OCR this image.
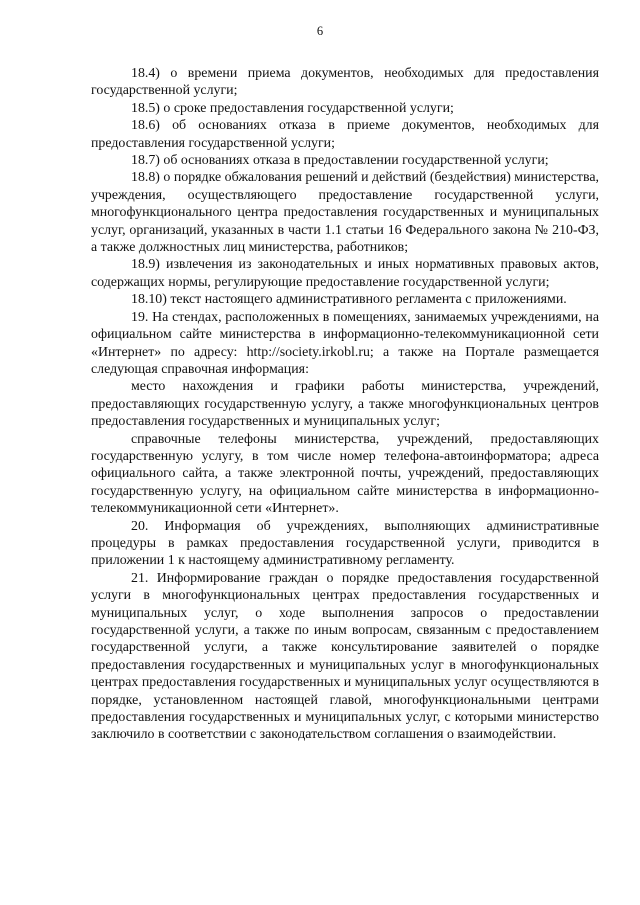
6

18.4) о времени приема документов, необходимых для предоставления государственной услуги;

18.5) о сроке предоставления государственной услуги;

18.6) об основаниях отказа в приеме документов, необходимых для предоставления государственной услуги;

18.7) об основаниях отказа в предоставлении государственной услуги;

18.8) о порядке обжалования решений и действий (бездействия) министерства, учреждения, осуществляющего предоставление государственной услуги, многофункционального центра предоставления государственных и муниципальных услуг, организаций, указанных в части 1.1 статьи 16 Федерального закона № 210-ФЗ, а также должностных лиц министерства, работников;

18.9) извлечения из законодательных и иных нормативных правовых актов, содержащих нормы, регулирующие предоставление государственной услуги;

18.10) текст настоящего административного регламента с приложениями.

19. На стендах, расположенных в помещениях, занимаемых учреждениями, на официальном сайте министерства в информационно-телекоммуникационной сети «Интернет» по адресу: http://society.irkobl.ru; а также на Портале размещается следующая справочная информация:

место нахождения и графики работы министерства, учреждений, предоставляющих государственную услугу, а также многофункциональных центров предоставления государственных и муниципальных услуг;

справочные телефоны министерства, учреждений, предоставляющих государственную услугу, в том числе номер телефона-автоинформатора; адреса официального сайта, а также электронной почты, учреждений, предоставляющих государственную услугу, на официальном сайте министерства в информационно-телекоммуникационной сети «Интернет».

20. Информация об учреждениях, выполняющих административные процедуры в рамках предоставления государственной услуги, приводится в приложении 1 к настоящему административному регламенту.

21. Информирование граждан о порядке предоставления государственной услуги в многофункциональных центрах предоставления государственных и муниципальных услуг, о ходе выполнения запросов о предоставлении государственной услуги, а также по иным вопросам, связанным с предоставлением государственной услуги, а также консультирование заявителей о порядке предоставления государственных и муниципальных услуг в многофункциональных центрах предоставления государственных и муниципальных услуг осуществляются в порядке, установленном настоящей главой, многофункциональными центрами предоставления государственных и муниципальных услуг, с которыми министерство заключило в соответствии с законодательством соглашения о взаимодействии.
